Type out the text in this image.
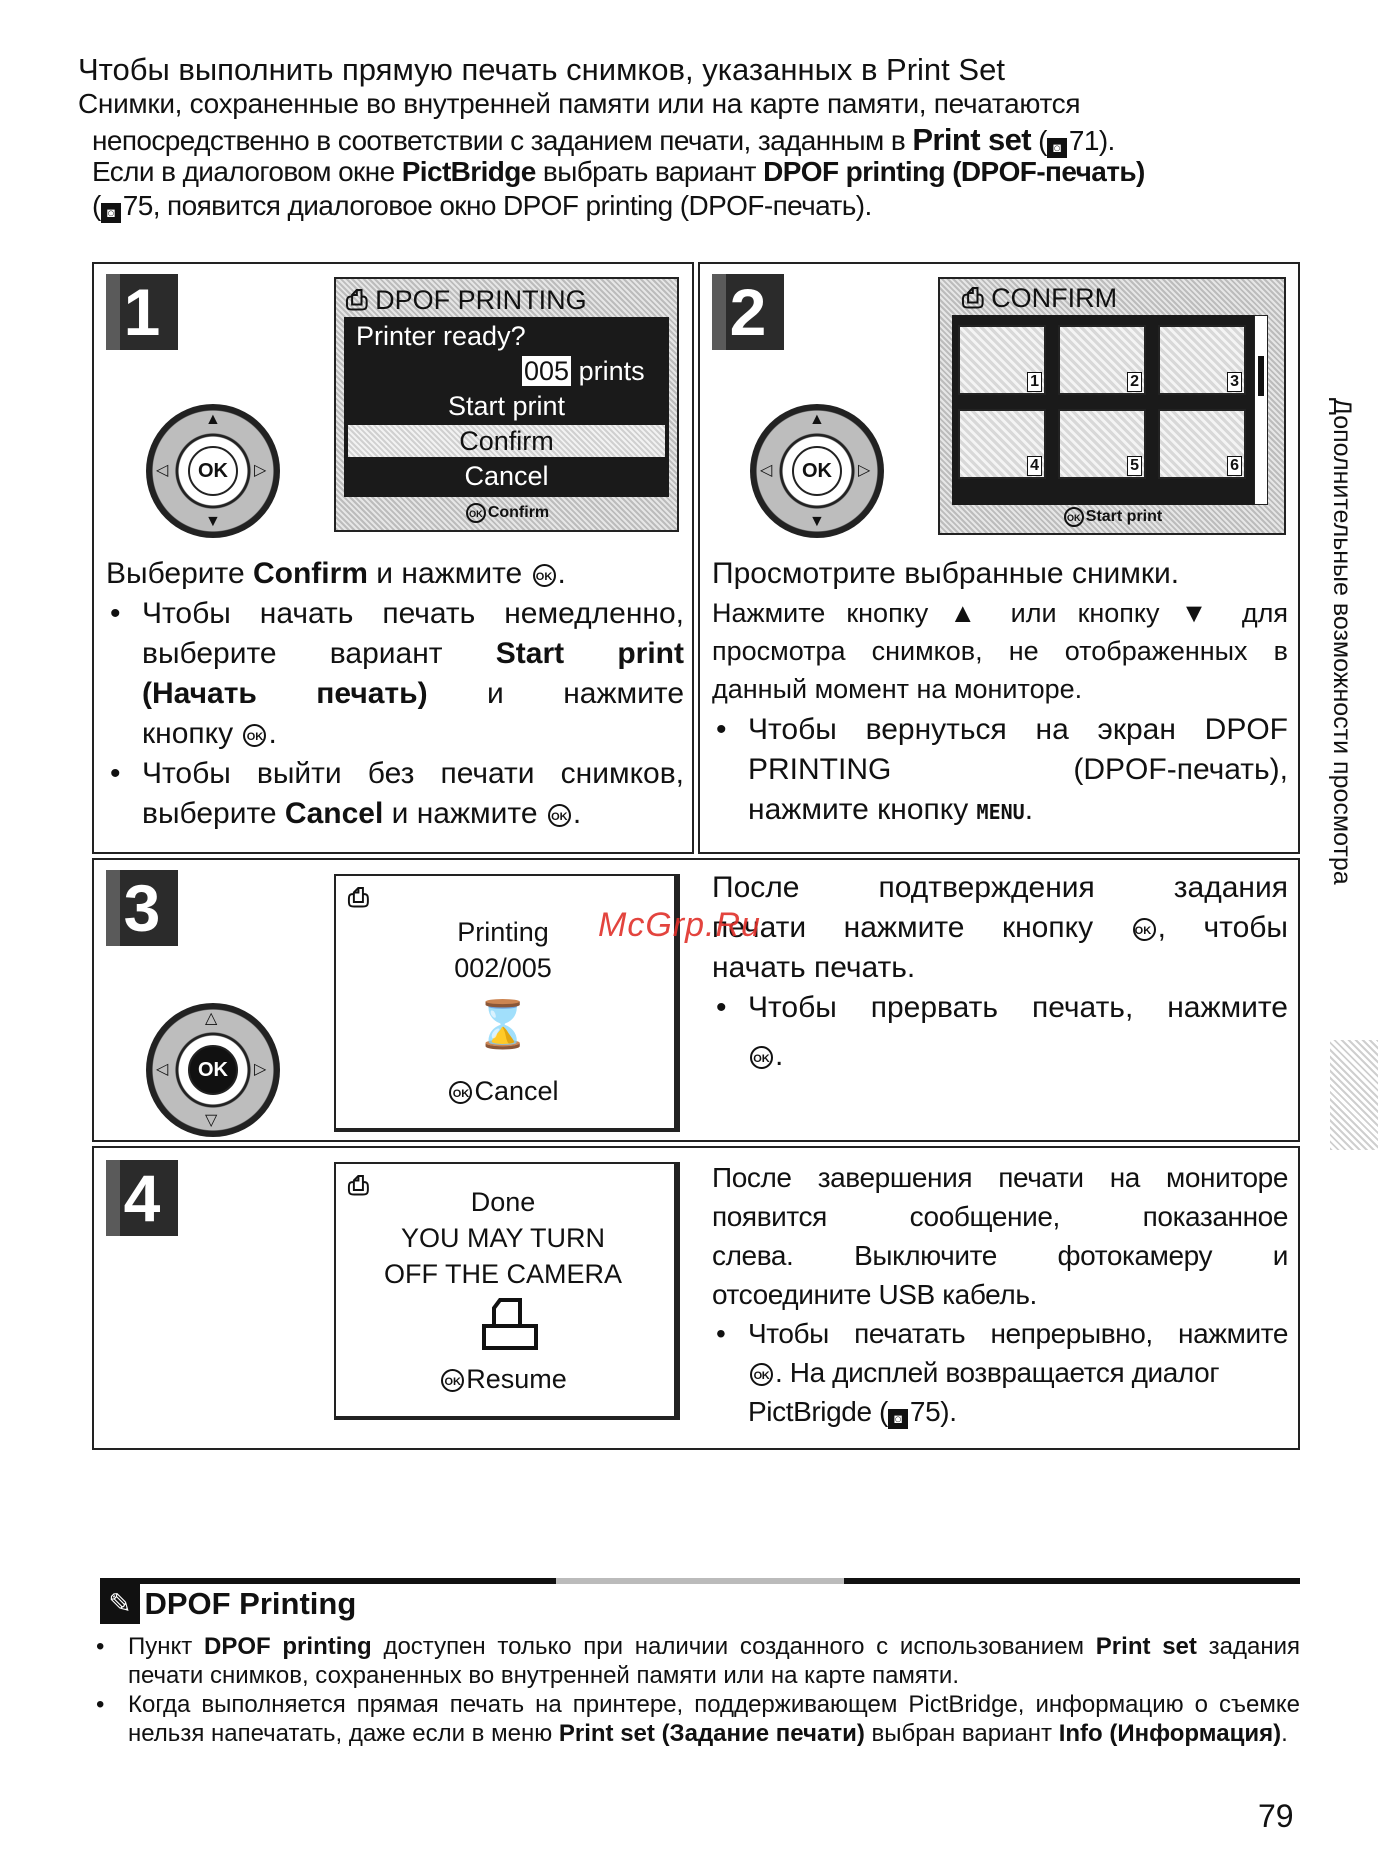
Чтобы выполнить прямую печать снимков, указанных в Print Set
Снимки, сохраненные во внутренней памяти или на карте памяти, печатаются
непосредственно в соответствии с заданием печати, заданным в Print set ( ◙ 71).
Если в диалоговом окне PictBridge выбрать вариант DPOF printing (DPOF-печать)
( ◙ 75, появится диалоговое окно DPOF printing (DPOF-печать).
1
▲
▼
◁	▷
OK
⎙ DPOF PRINTING
Printer ready?
005 prints
Start print
Confirm
Cancel
OK Confirm

Выберите Confirm и нажмите OK .

• Чтобы начать печать немедленно,
выберите вариант Start print
(Начать печать) и нажмите
кнопку OK .
• Чтобы выйти без печати снимков,
выберите Cancel и нажмите OK .
2
▲
▼
◁	▷
OK
⎙ CONFIRM
1	2	3
4	5	6
OK Start print
Просмотрите выбранные снимки.
Нажмите кнопку ▲ или кнопку ▼ для
просмотра снимков, не отображенных в
данный момент на мониторе.
• Чтобы вернуться на экран DPOF
PRINTING (DPOF-печать),
нажмите кнопку MENU.
3
△
▽
◁	▷
OK
⎙
Printing
002/005
⌛
OK Cancel
После подтверждения задания
печати нажмите кнопку	OK , чтобы
начать печать.
• Чтобы прервать печать, нажмите
OK .
McGrp.Ru
4	⎙
Done
YOU MAY TURN
OFF THE CAMERA
OK Resume
После завершения печати на мониторе
появится сообщение, показанное
слева. Выключите фотокамеру и
отсоедините USB кабель.
• Чтобы печатать непрерывно, нажмите
OK . На дисплей возвращается диалог
PictBrigde ( ◙ 75).
Дополнительные возможности просмотра
✎ DPOF Printing
• Пункт DPOF printing доступен только при наличии созданного с использованием Print set задания печати снимков, сохраненных во внутренней памяти или на карте памяти.
• Когда выполняется прямая печать на принтере, поддерживающем PictBridge, информацию о съемке нельзя напечатать, даже если в меню Print set (Задание печати) выбран вариант Info (Информация).
79
